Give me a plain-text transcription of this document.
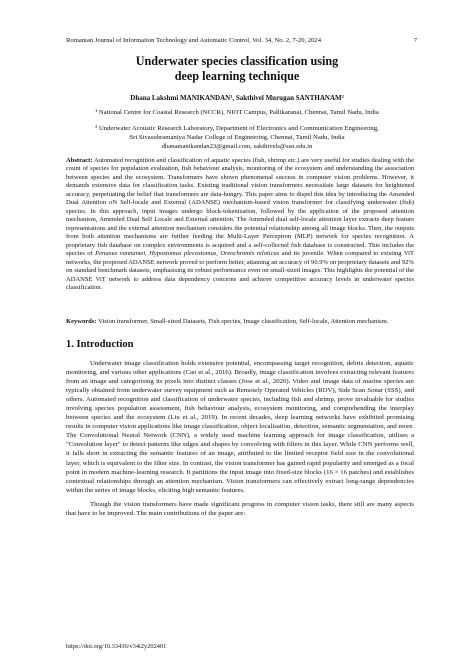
Romanian Journal of Information Technology and Automatic Control, Vol. 34, No. 2, 7-20, 2024	7
Underwater species classification using
deep learning technique
Dhana Lakshmi MANIKANDAN¹, Sakthivel Murugan SANTHANAM²
¹ National Centre for Coastal Research (NCCR), NIOT Campus, Pallikaranai, Chennai, Tamil Nadu, India
² Underwater Acoustic Research Laboratory, Department of Electronics and Communication Engineering,
Sri Sivasubramaniya Nadar College of Engineering, Chennai, Tamil Nadu, India
dhanamanikandan23@gmail.com, sakthivels@ssn.edu.in
Abstract: Automated recognition and classification of aquatic species (fish, shrimp etc.) are very useful for studies dealing with the count of species for population evaluation, fish behaviour analysis, monitoring of the ecosystem and understanding the association between species and the ecosystem. Transformers have shown phenomenal success in computer vision problems. However, it demands extensive data for classification tasks. Existing traditional vision transformers necessitate large datasets for heightened accuracy, perpetuating the belief that transformers are data-hungry. This paper aims to dispel this idea by introducing the Amended Dual Attention oN Self-locale and External (ADANSE) mechanism-based vision transformer for classifying underwater (fish) species. In this approach, input images undergo block-tokenization, followed by the application of the proposed attention mechanism, Amended Dual Self Locale and External attention. The Amended dual self-locale attention layer extracts deep feature representations and the external attention mechanism considers the potential relationship among all image blocks. Then, the outputs from both attention mechanisms are further feeding the Multi-Layer Perceptron (MLP) network for species recognition. A proprietary fish database on complex environments is acquired and a self-collected fish database is constructed. This includes the species of Penaeus vannamei, Hypostomus plecostomus, Oreochromis niloticus and its juvenile. When compared to existing ViT networks, the proposed ADANSE network proved to perform better, attaining an accuracy of 90.9% on proprietary datasets and 92% on standard benchmark datasets, emphasising its robust performance even on small-sized images. This highlights the potential of the ADANSE ViT network to address data dependency concerns and achieve competitive accuracy levels in underwater species classification.
Keywords: Vision transformer, Small-sized Datasets, Fish species, Image classification, Self-locale, Attention mechanism.
1. Introduction

Underwater image classification holds extensive potential, encompassing target recognition, debris detection, aquatic monitoring, and various other applications (Cao et al., 2016). Broadly, image classification involves extracting relevant features from an image and categorising its pixels into distinct classes (Jose et al., 2020). Video and image data of marine species are typically obtained from underwater survey equipment such as Remotely Operated Vehicles (ROV), Side Scan Sonar (SSS), and others. Automated recognition and classification of underwater species, including fish and shrimp, prove invaluable for studies involving species population assessment, fish behaviour analysis, ecosystem monitoring, and comprehending the interplay between species and the ecosystem (Liu et al., 2019). In recent decades, deep learning networks have exhibited promising results in computer vision applications like image classification, object localisation, detection, semantic segmentation, and more. The Convolutional Neural Network (CNN), a widely used machine learning approach for image classification, utilises a "Convolution layer" to detect patterns like edges and shapes by convolving with filters in this layer. While CNN performs well, it falls short in extracting the semantic features of an image, attributed to the limited receptor field size in the convolutional layer, which is equivalent to the filter size. In contrast, the vision transformer has gained rapid popularity and emerged as a focal point in modern machine-learning research. It partitions the input image into fixed-size blocks (16 × 16 patches) and establishes contextual relationships through an attention mechanism. Vision transformers can effectively extract long-range dependencies within the series of image blocks, eliciting high semantic features.

Though the vision transformers have made significant progress in computer vision tasks, there still are many aspects that have to be improved. The main contributions of the paper are:

https://doi.org/10.33436/v34i2y202401
